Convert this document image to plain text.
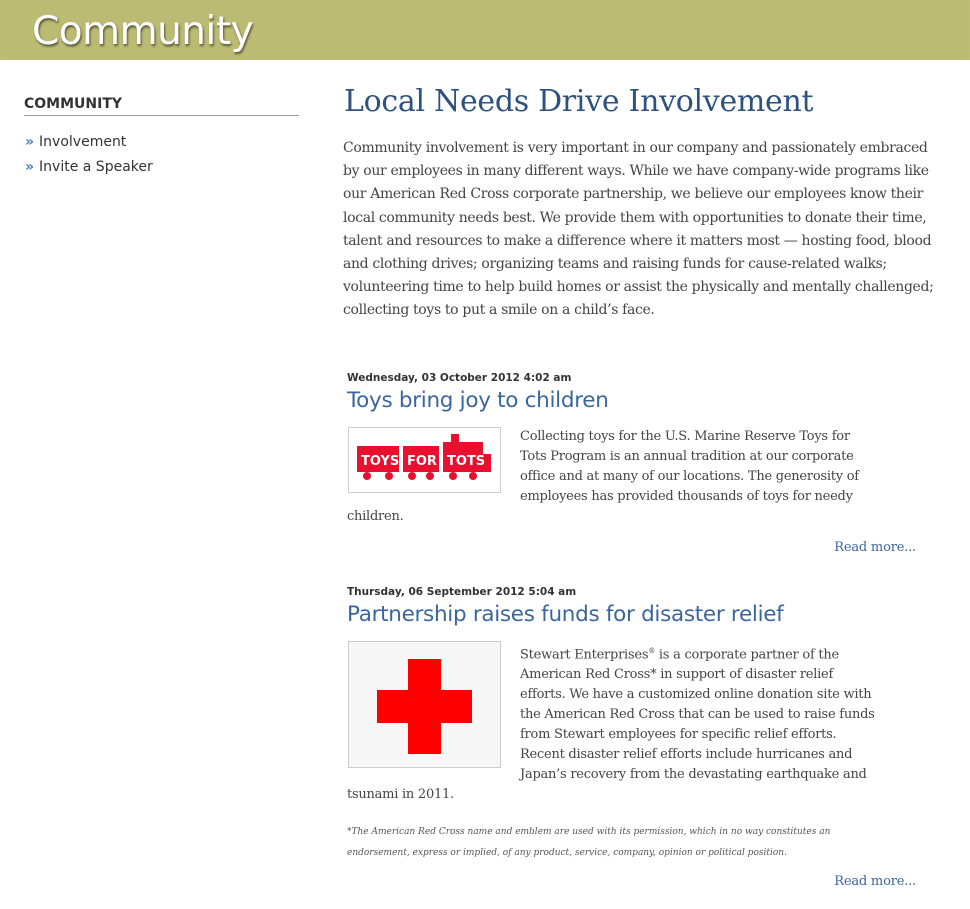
Community
COMMUNITY
» Involvement
» Invite a Speaker
Local Needs Drive Involvement

Community involvement is very important in our company and passionately embraced by our employees in many different ways. While we have company-wide programs like our American Red Cross corporate partnership, we believe our employees know their local community needs best. We provide them with opportunities to donate their time, talent and resources to make a difference where it matters most — hosting food, blood and clothing drives; organizing teams and raising funds for cause-related walks; volunteering time to help build homes or assist the physically and mentally challenged; collecting toys to put a smile on a child’s face.

Wednesday, 03 October 2012 4:02 am

Toys bring joy to children
TOYS FOR TOTS

Collecting toys for the U.S. Marine Reserve Toys for Tots Program is an annual tradition at our corporate office and at many of our locations. The generosity of employees has provided thousands of toys for needy children.

Read more...

Thursday, 06 September 2012 5:04 am

Partnership raises funds for disaster relief

Stewart Enterprises® is a corporate partner of the American Red Cross* in support of disaster relief efforts. We have a customized online donation site with the American Red Cross that can be used to raise funds from Stewart employees for specific relief efforts. Recent disaster relief efforts include hurricanes and Japan’s recovery from the devastating earthquake and tsunami in 2011.

*The American Red Cross name and emblem are used with its permission, which in no way constitutes an endorsement, express or implied, of any product, service, company, opinion or political position.

Read more...
